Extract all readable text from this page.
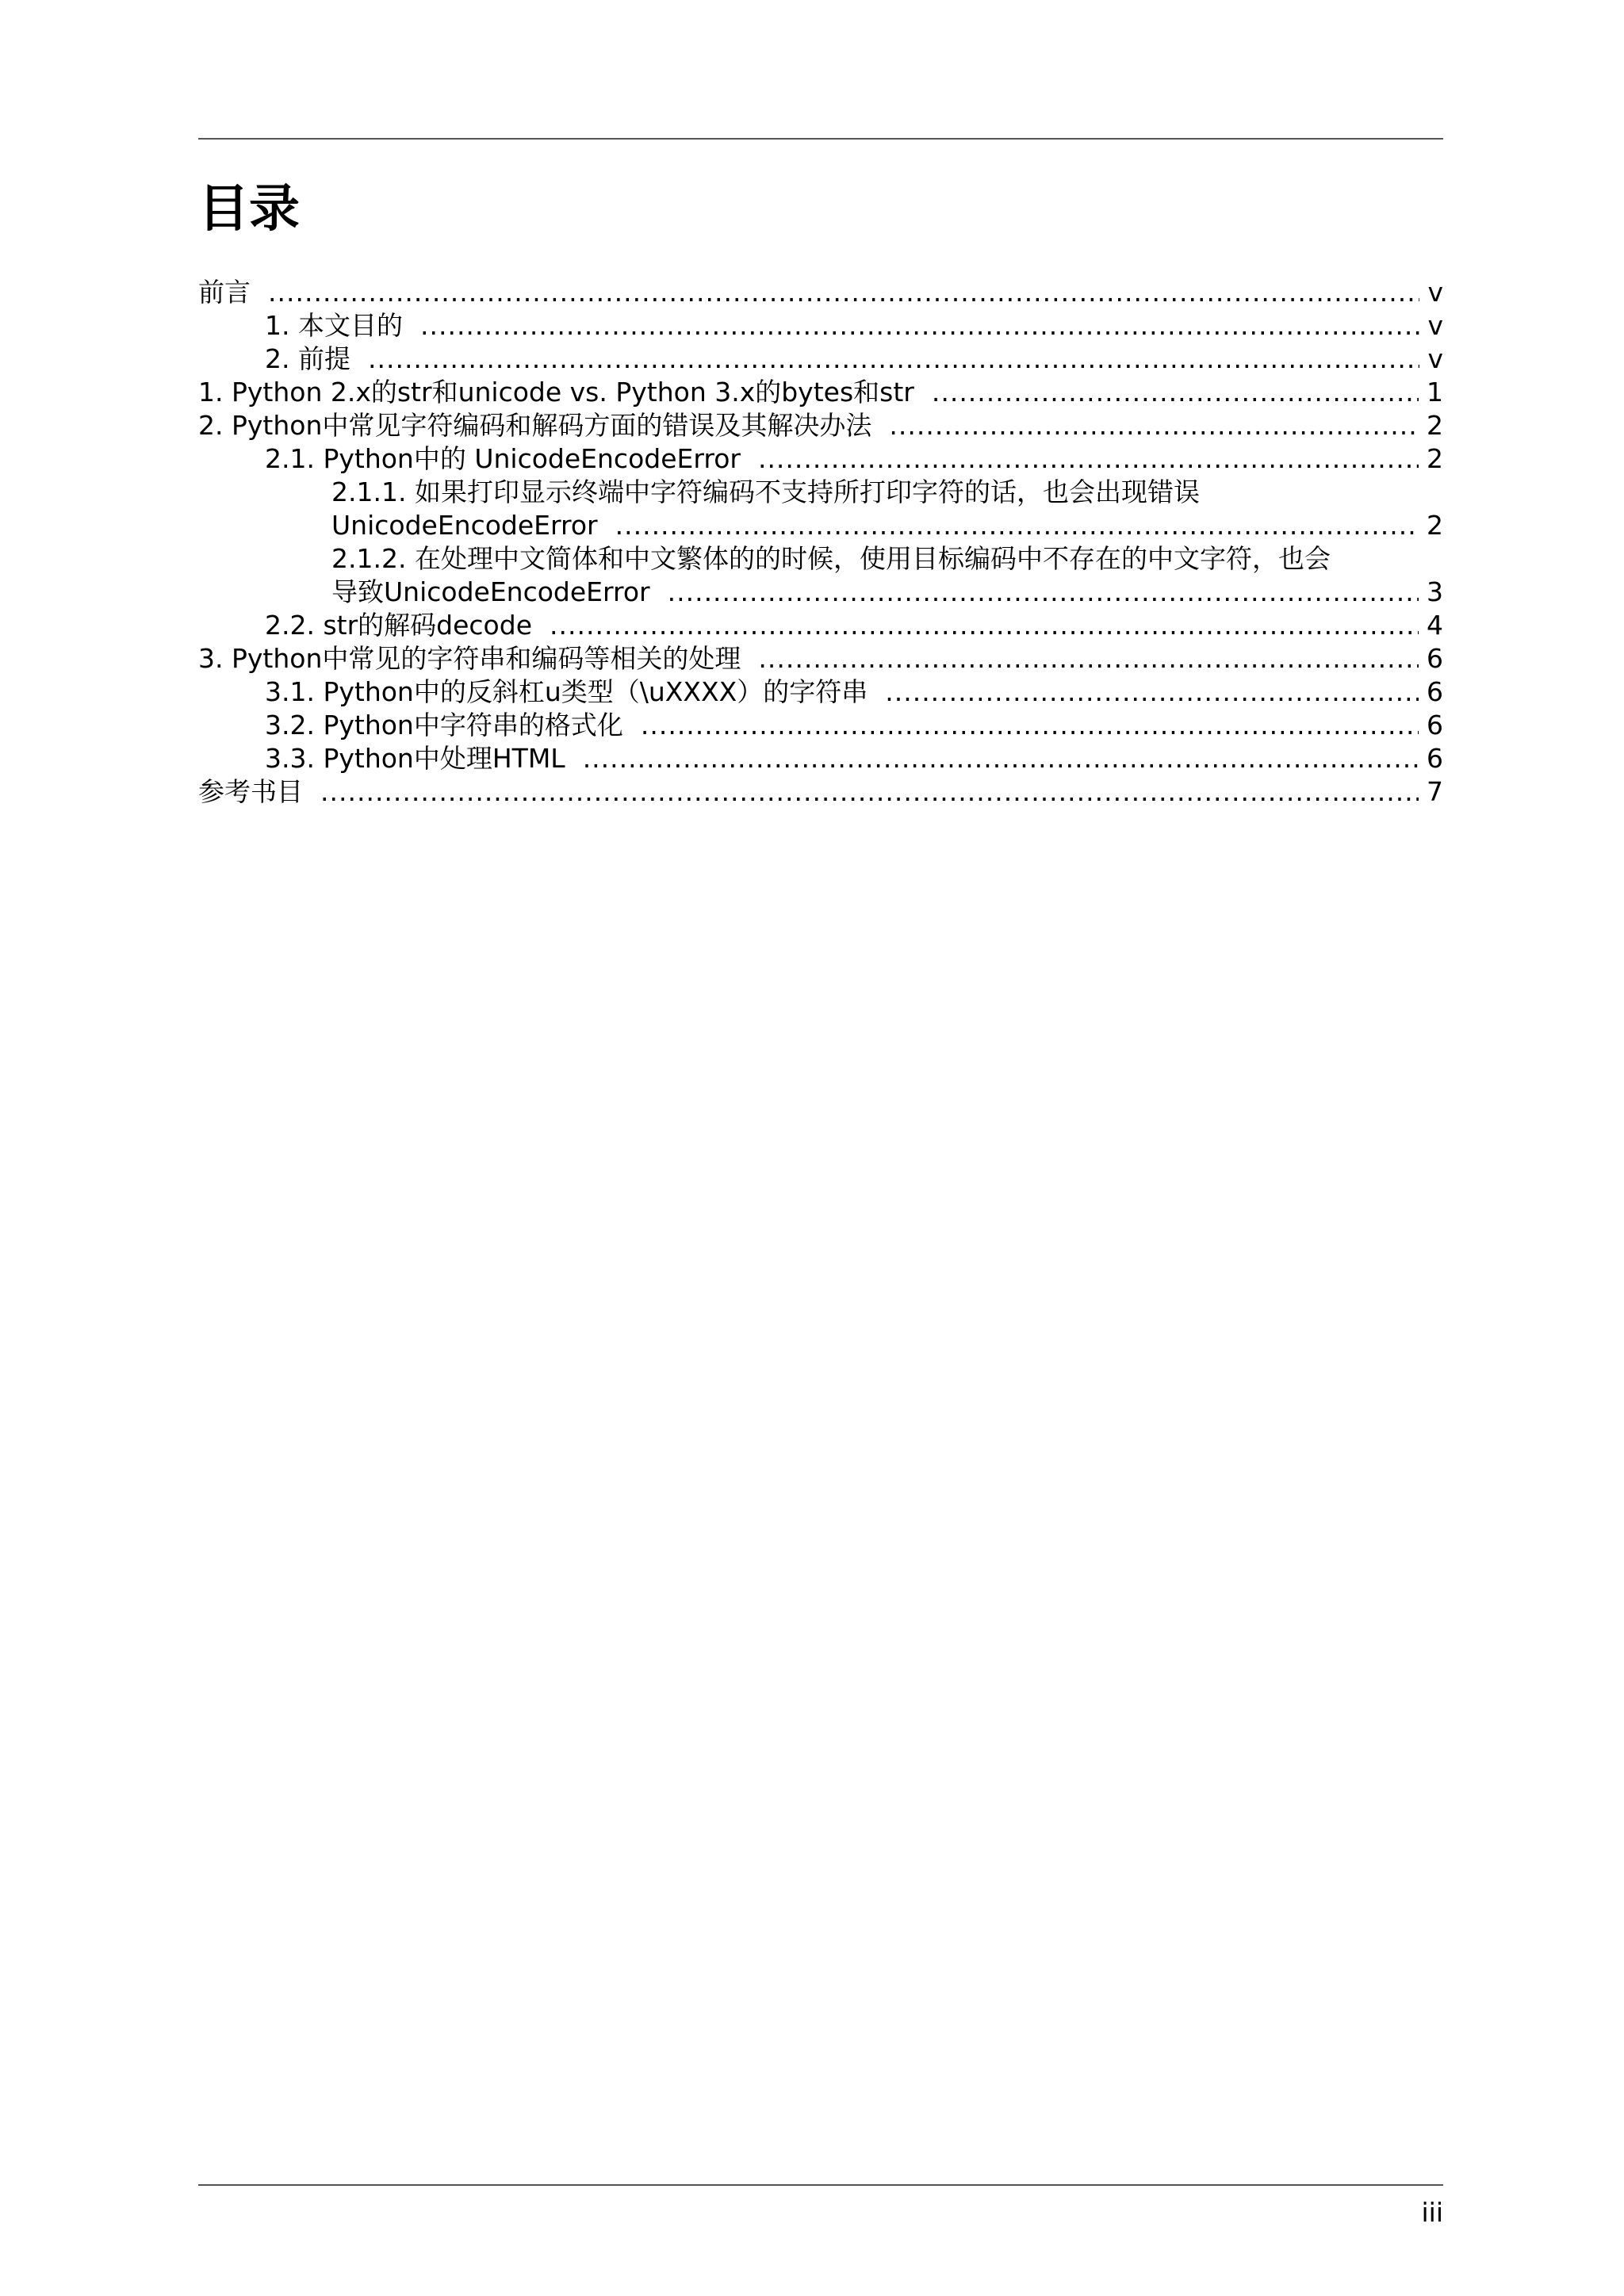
目录
前言 .....	v
1. 本文目的 .....	v
2. 前提 .....	v
1. Python 2.x的str和unicode vs. Python 3.x的bytes和str .....	1
2. Python中常见字符编码和解码方面的错误及其解决办法 .....	2
2.1. Python中的 UnicodeEncodeError .....	2
2.1.1. 如果打印显示终端中字符编码不支持所打印字符的话，也会出现错误
UnicodeEncodeError .....	2
2.1.2. 在处理中文简体和中文繁体的的时候，使用目标编码中不存在的中文字符，也会
导致UnicodeEncodeError .....	3
2.2. str的解码decode .....	4
3. Python中常见的字符串和编码等相关的处理 .....	6
3.1. Python中的反斜杠u类型（\uXXXX）的字符串 .....	6
3.2. Python中字符串的格式化 .....	6
3.3. Python中处理HTML .....	6
参考书目 .....	7
iii
